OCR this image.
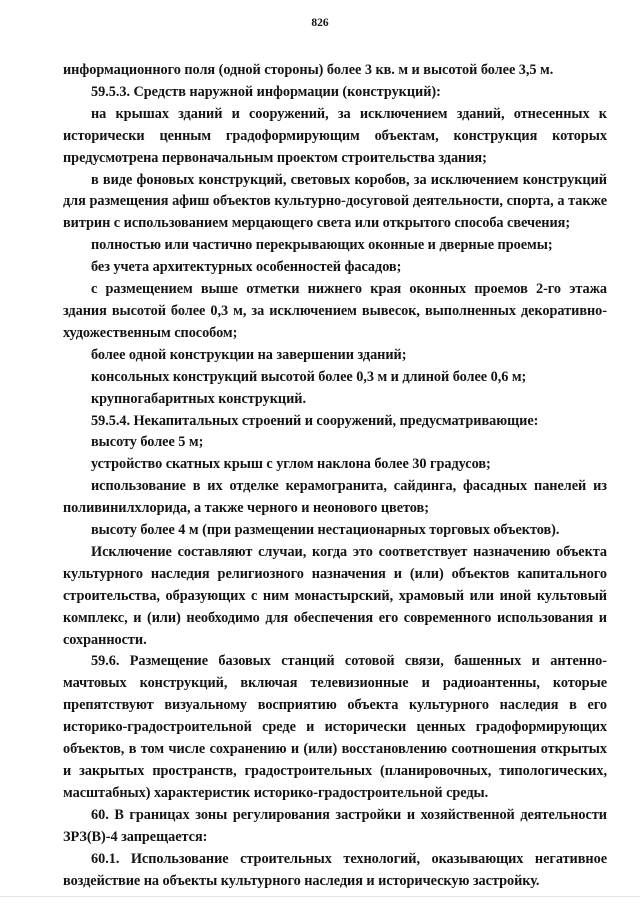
826

информационного поля (одной стороны) более 3 кв. м и высотой более 3,5 м.

59.5.3. Средств наружной информации (конструкций):

на крышах зданий и сооружений, за исключением зданий, отнесенных к исторически ценным градоформирующим объектам, конструкция которых предусмотрена первоначальным проектом строительства здания;

в виде фоновых конструкций, световых коробов, за исключением конструкций для размещения афиш объектов культурно-досуговой деятельности, спорта, а также витрин с использованием мерцающего света или открытого способа свечения;

полностью или частично перекрывающих оконные и дверные проемы;

без учета архитектурных особенностей фасадов;

с размещением выше отметки нижнего края оконных проемов 2-го этажа здания высотой более 0,3 м, за исключением вывесок, выполненных декоративно-художественным способом;

более одной конструкции на завершении зданий;

консольных конструкций высотой более 0,3 м и длиной более 0,6 м;

крупногабаритных конструкций.

59.5.4. Некапитальных строений и сооружений, предусматривающие:

высоту более 5 м;

устройство скатных крыш с углом наклона более 30 градусов;

использование в их отделке керамогранита, сайдинга, фасадных панелей из поливинилхлорида, а также черного и неонового цветов;

высоту более 4 м (при размещении нестационарных торговых объектов).

Исключение составляют случаи, когда это соответствует назначению объекта культурного наследия религиозного назначения и (или) объектов капитального строительства, образующих с ним монастырский, храмовый или иной культовый комплекс, и (или) необходимо для обеспечения его современного использования и сохранности.

59.6. Размещение базовых станций сотовой связи, башенных и антенно-мачтовых конструкций, включая телевизионные и радиоантенны, которые препятствуют визуальному восприятию объекта культурного наследия в его историко-градостроительной среде и исторически ценных градоформирующих объектов, в том числе сохранению и (или) восстановлению соотношения открытых и закрытых пространств, градостроительных (планировочных, типологических, масштабных) характеристик историко-градостроительной среды.

60. В границах зоны регулирования застройки и хозяйственной деятельности ЗРЗ(В)-4 запрещается:

60.1. Использование строительных технологий, оказывающих негативное воздействие на объекты культурного наследия и историческую застройку.
